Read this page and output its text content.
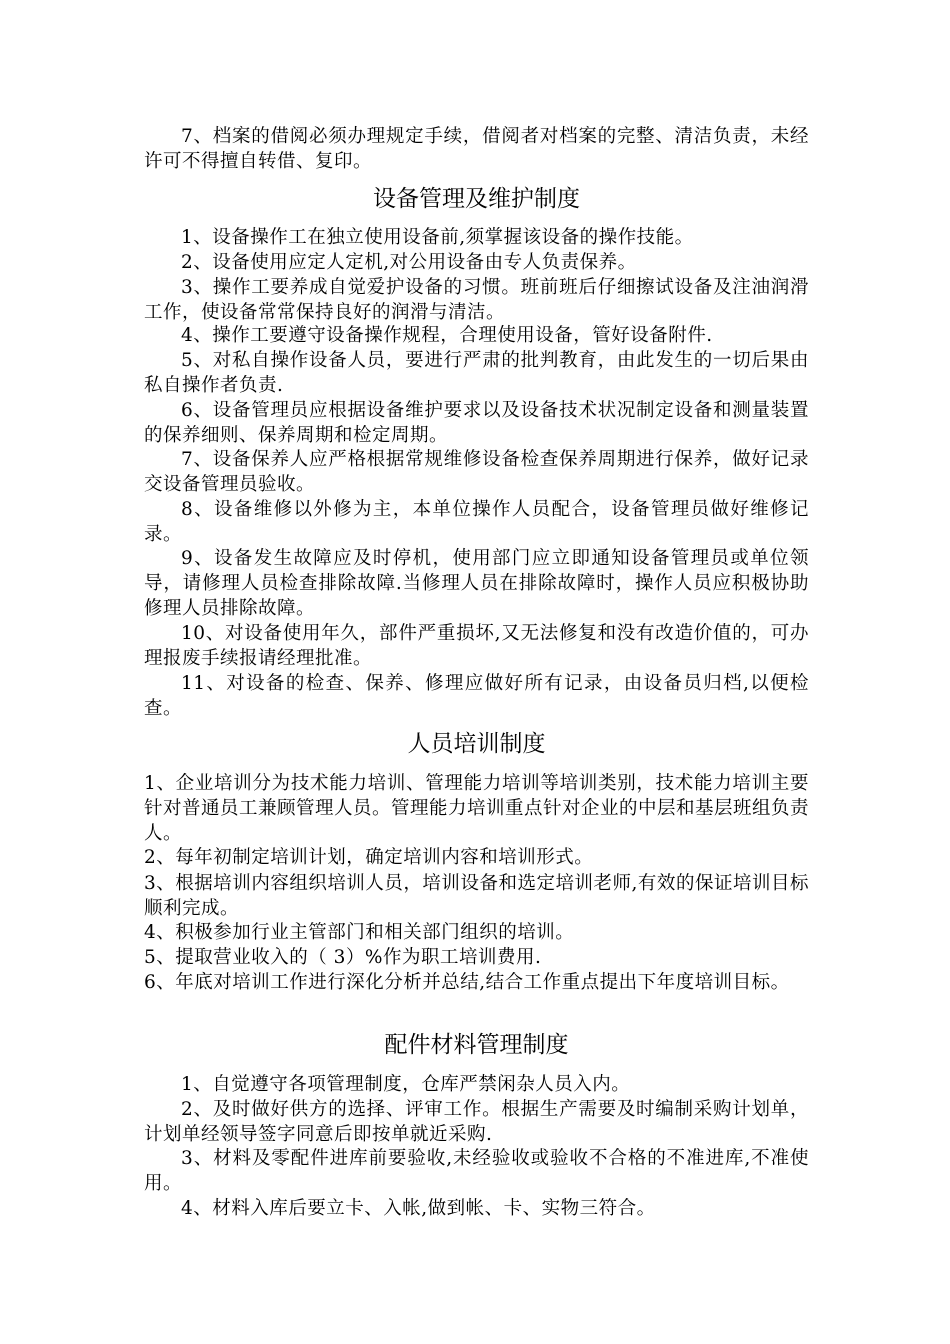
7、档案的借阅必须办理规定手续，借阅者对档案的完整、清洁负责，未经许可不得擅自转借、复印。

设备管理及维护制度

1、设备操作工在独立使用设备前,须掌握该设备的操作技能。

2、设备使用应定人定机,对公用设备由专人负责保养。

3、操作工要养成自觉爱护设备的习惯。班前班后仔细擦试设备及注油润滑工作，使设备常常保持良好的润滑与清洁。

4、操作工要遵守设备操作规程，合理使用设备，管好设备附件.

5、对私自操作设备人员，要进行严肃的批判教育，由此发生的一切后果由私自操作者负责.

6、设备管理员应根据设备维护要求以及设备技术状况制定设备和测量装置的保养细则、保养周期和检定周期。

7、设备保养人应严格根据常规维修设备检查保养周期进行保养，做好记录交设备管理员验收。

8、设备维修以外修为主，本单位操作人员配合，设备管理员做好维修记录。

9、设备发生故障应及时停机，使用部门应立即通知设备管理员或单位领导，请修理人员检查排除故障.当修理人员在排除故障时，操作人员应积极协助修理人员排除故障。

10、对设备使用年久，部件严重损坏,又无法修复和没有改造价值的，可办理报废手续报请经理批准。

11、对设备的检查、保养、修理应做好所有记录，由设备员归档,以便检查。

人员培训制度

1、企业培训分为技术能力培训、管理能力培训等培训类别，技术能力培训主要针对普通员工兼顾管理人员。管理能力培训重点针对企业的中层和基层班组负责人。

2、每年初制定培训计划，确定培训内容和培训形式。

3、根据培训内容组织培训人员，培训设备和选定培训老师,有效的保证培训目标顺利完成。

4、积极参加行业主管部门和相关部门组织的培训。

5、提取营业收入的（ 3）%作为职工培训费用.

6、年底对培训工作进行深化分析并总结,结合工作重点提出下年度培训目标。

配件材料管理制度

1、自觉遵守各项管理制度，仓库严禁闲杂人员入内。

2、及时做好供方的选择、评审工作。根据生产需要及时编制采购计划单，计划单经领导签字同意后即按单就近采购.

3、材料及零配件进库前要验收,未经验收或验收不合格的不准进库,不准使用。

4、材料入库后要立卡、入帐,做到帐、卡、实物三符合。
